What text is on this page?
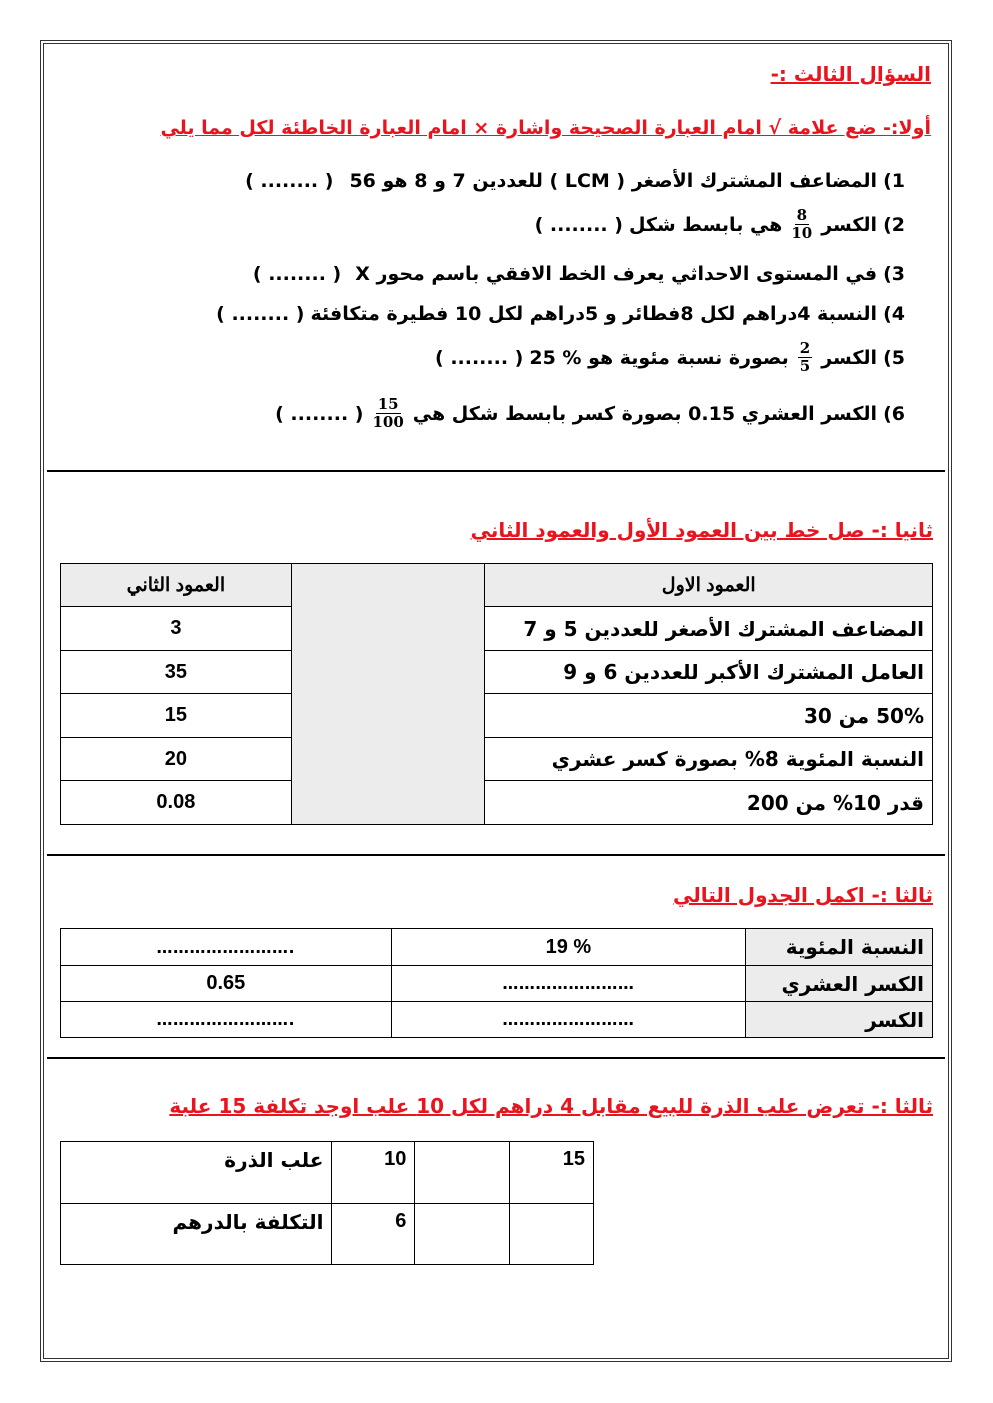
السؤال الثالث :-
أولا:- ضع علامة √ امام العبارة الصحيحة واشارة × امام العبارة الخاطئة لكل مما يلي
1)
المضاعف المشترك الأصغر ( LCM ) للعددين 7 و 8 هو 56
( ........ )
2)
الكسر
$\frac{8}{10}$
هي بابسط شكل
( ........ )
3)
في المستوى الاحداثي يعرف الخط الافقي باسم محور X
( ........ )
4)
النسبة 4دراهم لكل 8فطائر و 5دراهم لكل 10 فطيرة متكافئة
( ........ )
5)
الكسر
$\frac{2}{5}$
بصورة نسبة مئوية هو % 25
( ........ )
6)
الكسر العشري 0.15 بصورة كسر بابسط شكل هي
$\frac{15}{100}$
( ........ )
ثانيا :- صل خط بين العمود الأول والعمود الثاني
العمود الثاني		العمود الاول
3		المضاعف المشترك الأصغر للعددين 5 و 7
35		العامل المشترك الأكبر للعددين 6 و 9
15		50% من 30
20		النسبة المئوية 8% بصورة كسر عشري
0.08		قدر 10% من 200
ثالثا :- اكمل الجدول التالي
…………………….	19 %	النسبة المئوية
0.65	……………………	الكسر العشري
…………………….	……………………	الكسر
ثالثا :- تعرض علب الذرة للبيع مقابل 4 دراهم لكل 10 علب اوجد تكلفة 15 علبة
علب الذرة	10		15
التكلفة بالدرهم	6		
